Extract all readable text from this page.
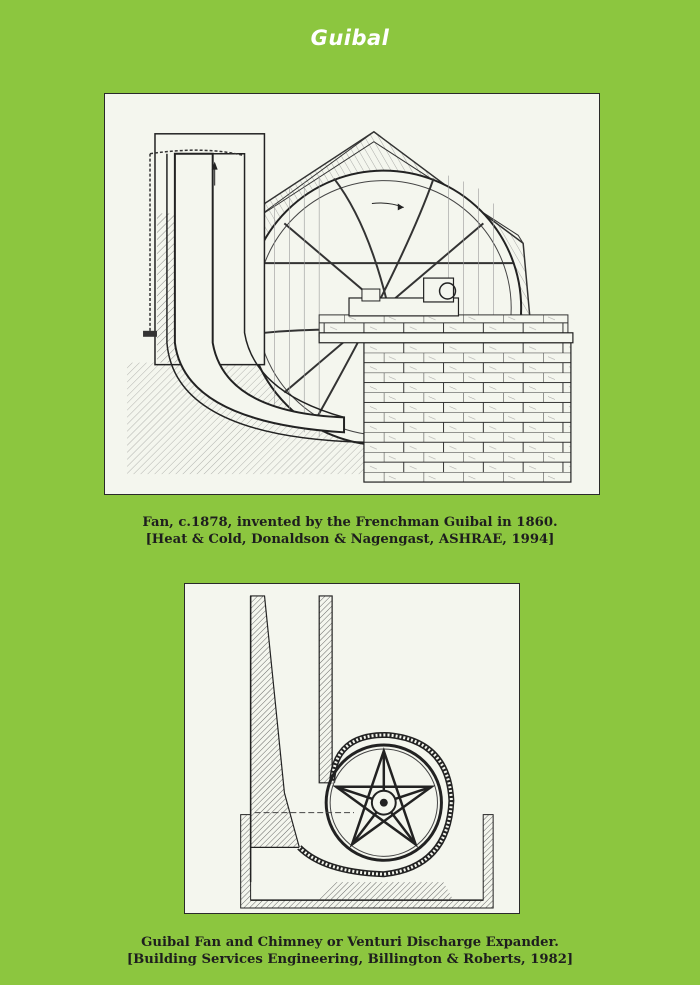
Guibal
Fan, c.1878, invented by the Frenchman Guibal in 1860.
[Heat & Cold, Donaldson & Nagengast, ASHRAE, 1994]
Guibal Fan and Chimney or Venturi Discharge Expander.
[Building Services Engineering, Billington & Roberts, 1982]
